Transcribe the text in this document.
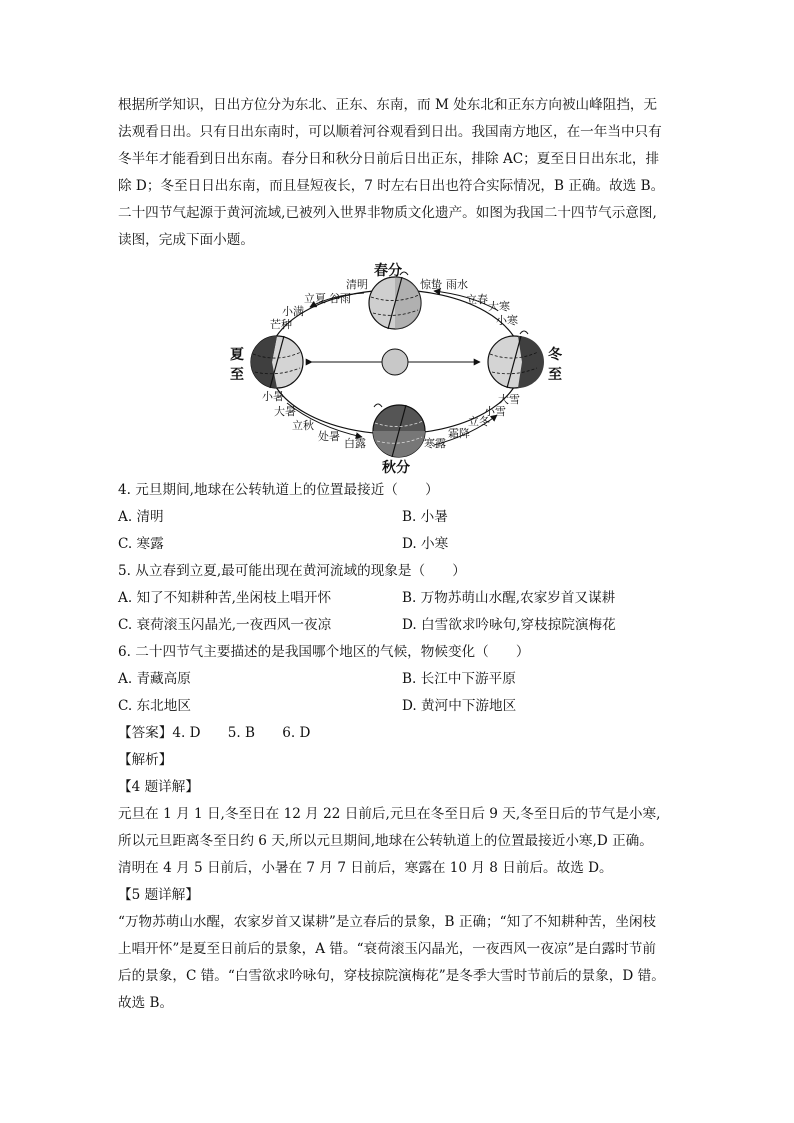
根据所学知识，日出方位分为东北、正东、东南，而 M 处东北和正东方向被山峰阻挡，无
法观看日出。只有日出东南时，可以顺着河谷观看到日出。我国南方地区，在一年当中只有
冬半年才能看到日出东南。春分日和秋分日前后日出正东，排除 AC；夏至日日出东北，排
除 D；冬至日日出东南，而且昼短夜长，7 时左右日出也符合实际情况，B 正确。故选 B。
二十四节气起源于黄河流域,已被列入世界非物质文化遗产。如图为我国二十四节气示意图,
读图，完成下面小题。
春分
夏
至
秋分
冬
至
清明
谷雨
立夏
小满
芒种
惊蛰 雨水
立春
大寒
小寒
小暑
大暑
立秋
处暑
白露	寒露
霜降
立冬
小雪
大雪
4. 元旦期间,地球在公转轨道上的位置最接近（　　）
A. 清明	B. 小暑
C. 寒露	D. 小寒
5. 从立春到立夏,最可能出现在黄河流域的现象是（　　）
A. 知了不知耕种苦,坐闲枝上唱开怀	B. 万物苏萌山水醒,农家岁首又谋耕
C. 衰荷滚玉闪晶光,一夜西风一夜凉	D. 白雪欲求吟咏句,穿枝掠院演梅花
6. 二十四节气主要描述的是我国哪个地区的气候，物候变化（　　）
A. 青藏高原	B. 长江中下游平原
C. 东北地区	D. 黄河中下游地区
【答案】4. D　　5. B　　6. D
【解析】
【4 题详解】
元旦在 1 月 1 日,冬至日在 12 月 22 日前后,元旦在冬至日后 9 天,冬至日后的节气是小寒,
所以元旦距离冬至日约 6 天,所以元旦期间,地球在公转轨道上的位置最接近小寒,D 正确。
清明在 4 月 5 日前后，小暑在 7 月 7 日前后，寒露在 10 月 8 日前后。故选 D。
【5 题详解】
“万物苏萌山水醒，农家岁首又谋耕”是立春后的景象，B 正确；“知了不知耕种苦，坐闲枝
上唱开怀”是夏至日前后的景象，A 错。“衰荷滚玉闪晶光，一夜西风一夜凉”是白露时节前
后的景象，C 错。“白雪欲求吟咏句，穿枝掠院演梅花”是冬季大雪时节前后的景象，D 错。
故选 B。
